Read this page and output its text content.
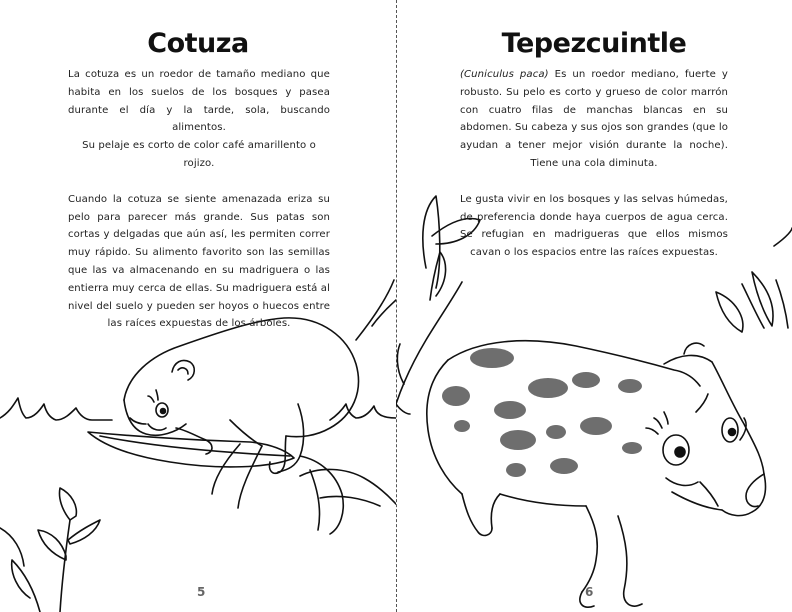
Cotuza
La cotuza es un roedor de tamaño mediano que habita en los suelos de los bosques y pasea durante el día y la tarde, sola, buscando alimentos.
Su pelaje es corto de color café amarillento o rojizo.
Cuando la cotuza se siente amenazada eriza su pelo para parecer más grande. Sus patas son cortas y delgadas que aún así, les permiten correr muy rápido. Su alimento favorito son las semillas que las va almacenando en su madriguera o las entierra muy cerca de ellas. Su madriguera está al nivel del suelo y pueden ser hoyos o huecos entre las raíces expuestas de los árboles.
5
Tepezcuintle
(Cuniculus paca) Es un roedor mediano, fuerte y robusto. Su pelo es corto y grueso de color marrón con cuatro filas de manchas blancas en su abdomen. Su cabeza y sus ojos son grandes (que lo ayudan a tener mejor visión durante la noche). Tiene una cola diminuta.
Le gusta vivir en los bosques y las selvas húmedas, de preferencia donde haya cuerpos de agua cerca. Se refugian en madrigueras que ellos mismos cavan o los espacios entre las raíces expuestas.
6
